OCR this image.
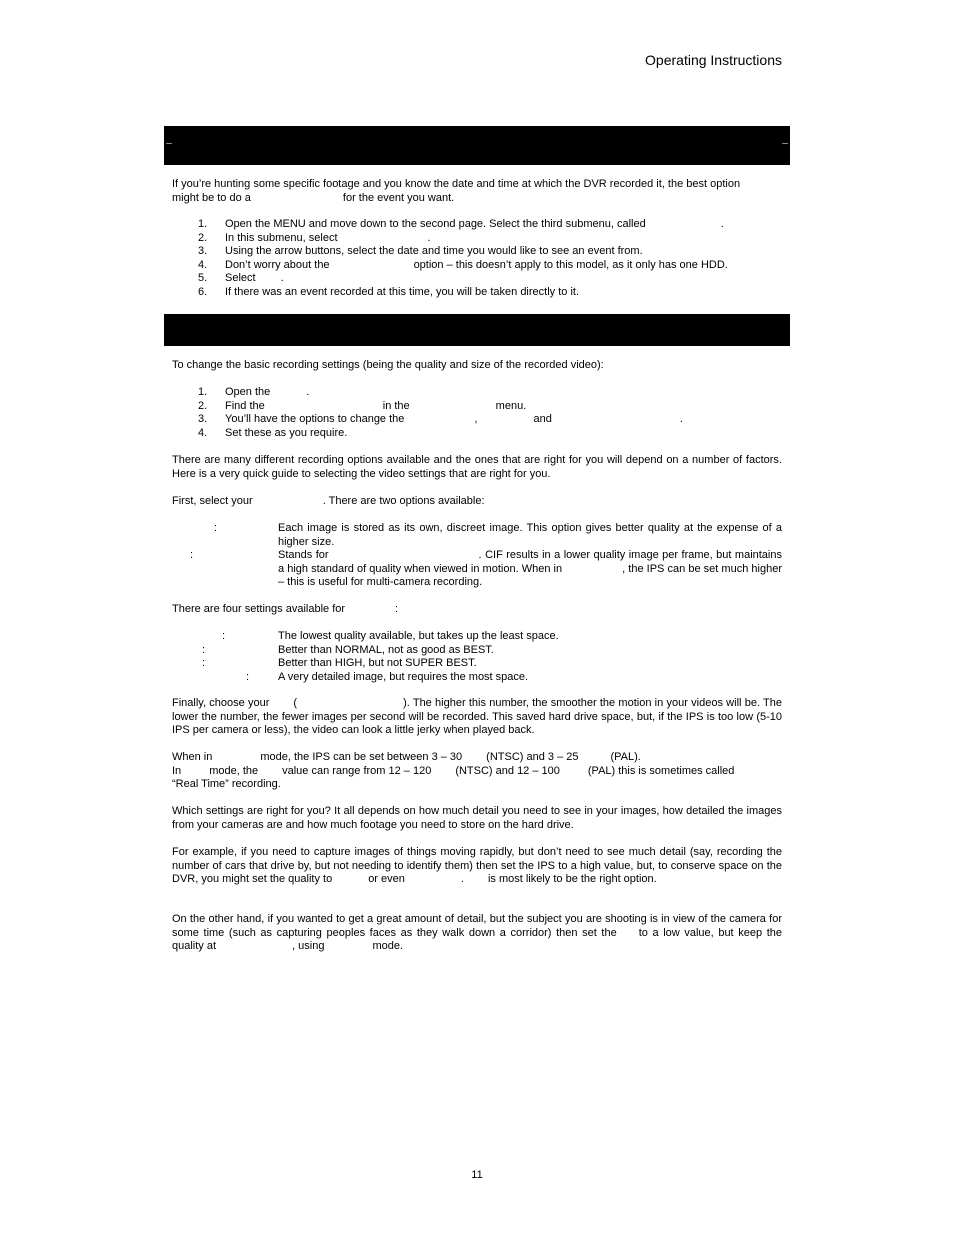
Operating Instructions
If you’re hunting some specific footage and you know the date and time at which the DVR recorded it, the best option
might be to do a	for the event you want.
1. Open the MENU and move down to the second page. Select the third submenu, called	.
2. In this submenu, select	.
3. Using the arrow buttons, select the date and time you would like to see an event from.
4. Don’t worry about the	option – this doesn’t apply to this model, as it only has one HDD.
5. Select .
6. If there was an event recorded at this time, you will be taken directly to it.
To change the basic recording settings (being the quality and size of the recorded video):
1. Open the	.
2. Find the	in the	menu.
3. You’ll have the options to change the	,	and	.
4. Set these as you require.
There are many different recording options available and the ones that are right for you will depend on a number of factors. Here is a very quick guide to selecting the video settings that are right for you.
First, select your	. There are two options available:
:	Each image is stored as its own, discreet image. This option gives better quality at the expense of a higher size.
:	Stands for	. CIF results in a lower quality image per frame, but maintains a high standard of quality when viewed in motion. When in	, the IPS can be set much higher – this is useful for multi-camera recording.
There are four settings available for	:
:	The lowest quality available, but takes up the least space.
:	Better than NORMAL, not as good as BEST.
:	Better than HIGH, but not SUPER BEST.
:	A very detailed image, but requires the most space.
Finally, choose your (	). The higher this number, the smoother the motion in your videos will be. The lower the number, the fewer images per second will be recorded. This saved hard drive space, but, if the IPS is too low (5-10 IPS per camera or less), the video can look a little jerky when played back.
When in	mode, the IPS can be set between 3 – 30 (NTSC) and 3 – 25	(PAL).
In	mode, the value can range from 12 – 120 (NTSC) and 12 – 100	(PAL) this is sometimes called
“Real Time” recording.
Which settings are right for you? It all depends on how much detail you need to see in your images, how detailed the images from your cameras are and how much footage you need to store on the hard drive.
For example, if you need to capture images of things moving rapidly, but don’t need to see much detail (say, recording the number of cars that drive by, but not needing to identify them) then set the IPS to a high value, but, to conserve space on the DVR, you might set the quality to	or even	. is most likely to be the right option.
On the other hand, if you wanted to get a great amount of detail, but the subject you are shooting is in view of the camera for some time (such as capturing peoples faces as they walk down a corridor) then set the to a low value, but keep the quality at	, using	mode.
11
